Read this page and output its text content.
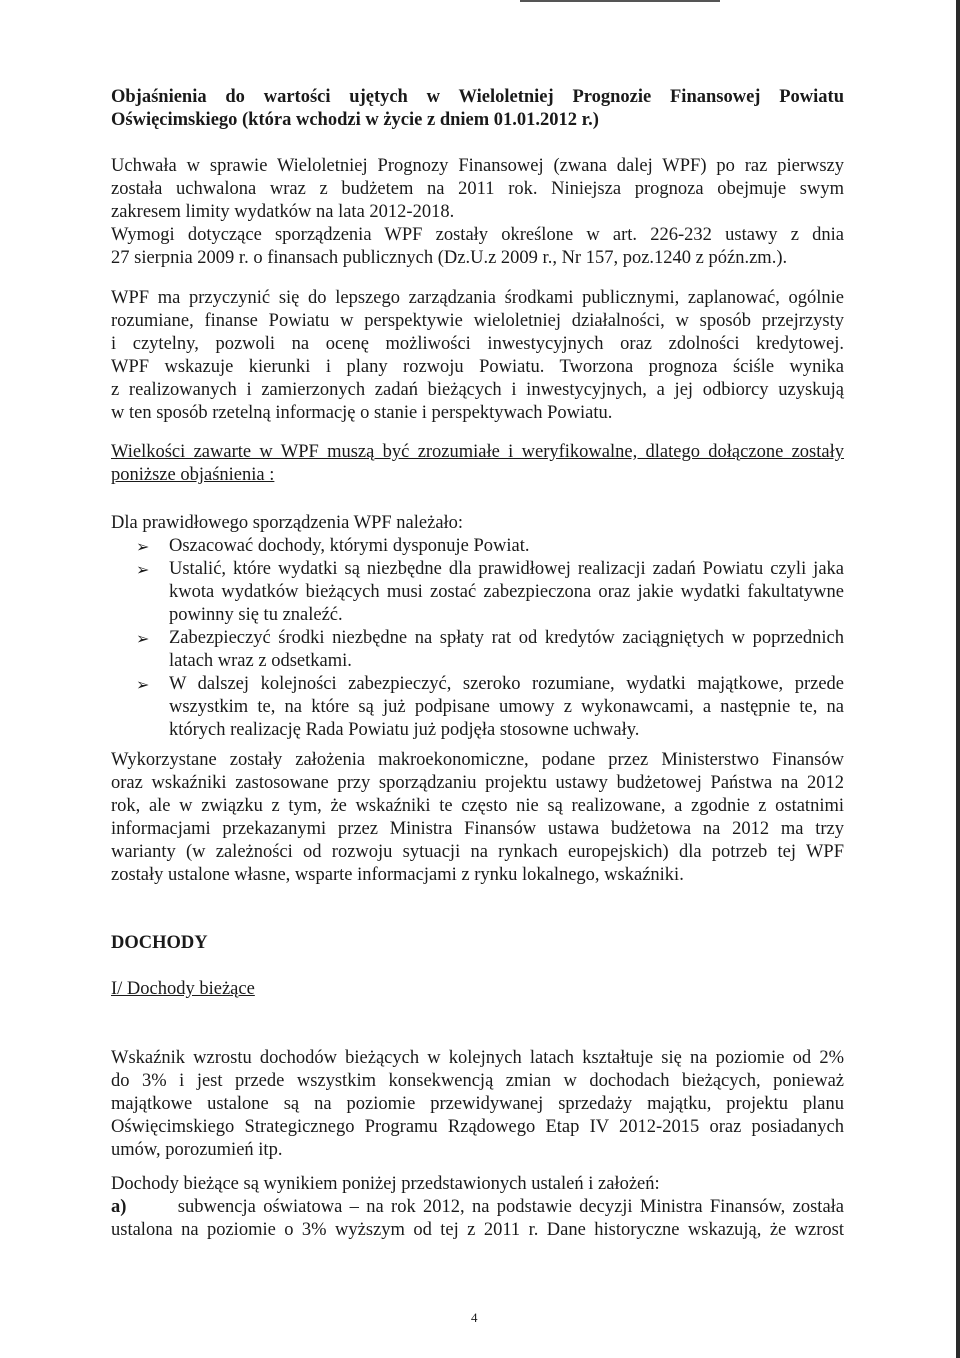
Objaśnienia do wartości ujętych w Wieloletniej Prognozie Finansowej Powiatu
Oświęcimskiego (która wchodzi w życie z dniem 01.01.2012 r.)
Uchwała w sprawie Wieloletniej Prognozy Finansowej (zwana dalej WPF) po raz pierwszy
została uchwalona wraz z budżetem na 2011 rok. Niniejsza prognoza obejmuje swym
zakresem limity wydatków na lata 2012-2018.
Wymogi dotyczące sporządzenia WPF zostały określone w art. 226-232 ustawy z dnia
27 sierpnia 2009 r. o finansach publicznych (Dz.U.z 2009 r., Nr 157, poz.1240 z późn.zm.).
WPF ma przyczynić się do lepszego zarządzania środkami publicznymi, zaplanować, ogólnie
rozumiane, finanse Powiatu w perspektywie wieloletniej działalności, w sposób przejrzysty
i czytelny, pozwoli na ocenę możliwości inwestycyjnych oraz zdolności kredytowej.
WPF wskazuje kierunki i plany rozwoju Powiatu. Tworzona prognoza ściśle wynika
z realizowanych i zamierzonych zadań bieżących i inwestycyjnych, a jej odbiorcy uzyskują
w ten sposób rzetelną informację o stanie i perspektywach Powiatu.
Wielkości zawarte w WPF muszą być zrozumiałe i weryfikowalne, dlatego dołączone zostały
poniższe objaśnienia :
Dla prawidłowego sporządzenia WPF należało:
➢ Oszacować dochody, którymi dysponuje Powiat.
➢ Ustalić, które wydatki są niezbędne dla prawidłowej realizacji zadań Powiatu czyli jaka kwota wydatków bieżących musi zostać zabezpieczona oraz jakie wydatki fakultatywne powinny się tu znaleźć.
➢ Zabezpieczyć środki niezbędne na spłaty rat od kredytów zaciągniętych w poprzednich latach wraz z odsetkami.
➢ W dalszej kolejności zabezpieczyć, szeroko rozumiane, wydatki majątkowe, przede wszystkim te, na które są już podpisane umowy z wykonawcami, a następnie te, na których realizację Rada Powiatu już podjęła stosowne uchwały.
Wykorzystane zostały założenia makroekonomiczne, podane przez Ministerstwo Finansów
oraz wskaźniki zastosowane przy sporządzaniu projektu ustawy budżetowej Państwa na 2012
rok, ale w związku z tym, że wskaźniki te często nie są realizowane, a zgodnie z ostatnimi
informacjami przekazanymi przez Ministra Finansów ustawa budżetowa na 2012 ma trzy
warianty (w zależności od rozwoju sytuacji na rynkach europejskich) dla potrzeb tej WPF
zostały ustalone własne, wsparte informacjami z rynku lokalnego, wskaźniki.
DOCHODY
I/ Dochody bieżące
Wskaźnik wzrostu dochodów bieżących w kolejnych latach kształtuje się na poziomie od 2%
do 3% i jest przede wszystkim konsekwencją zmian w dochodach bieżących, ponieważ
majątkowe ustalone są na poziomie przewidywanej sprzedaży majątku, projektu planu
Oświęcimskiego Strategicznego Programu Rządowego Etap IV 2012-2015 oraz posiadanych
umów, porozumień itp.
Dochody bieżące są wynikiem poniżej przedstawionych ustaleń i założeń:
a)	subwencja oświatowa – na rok 2012, na podstawie decyzji Ministra Finansów, została
ustalona na poziomie o 3% wyższym od tej z 2011 r. Dane historyczne wskazują, że wzrost
4
